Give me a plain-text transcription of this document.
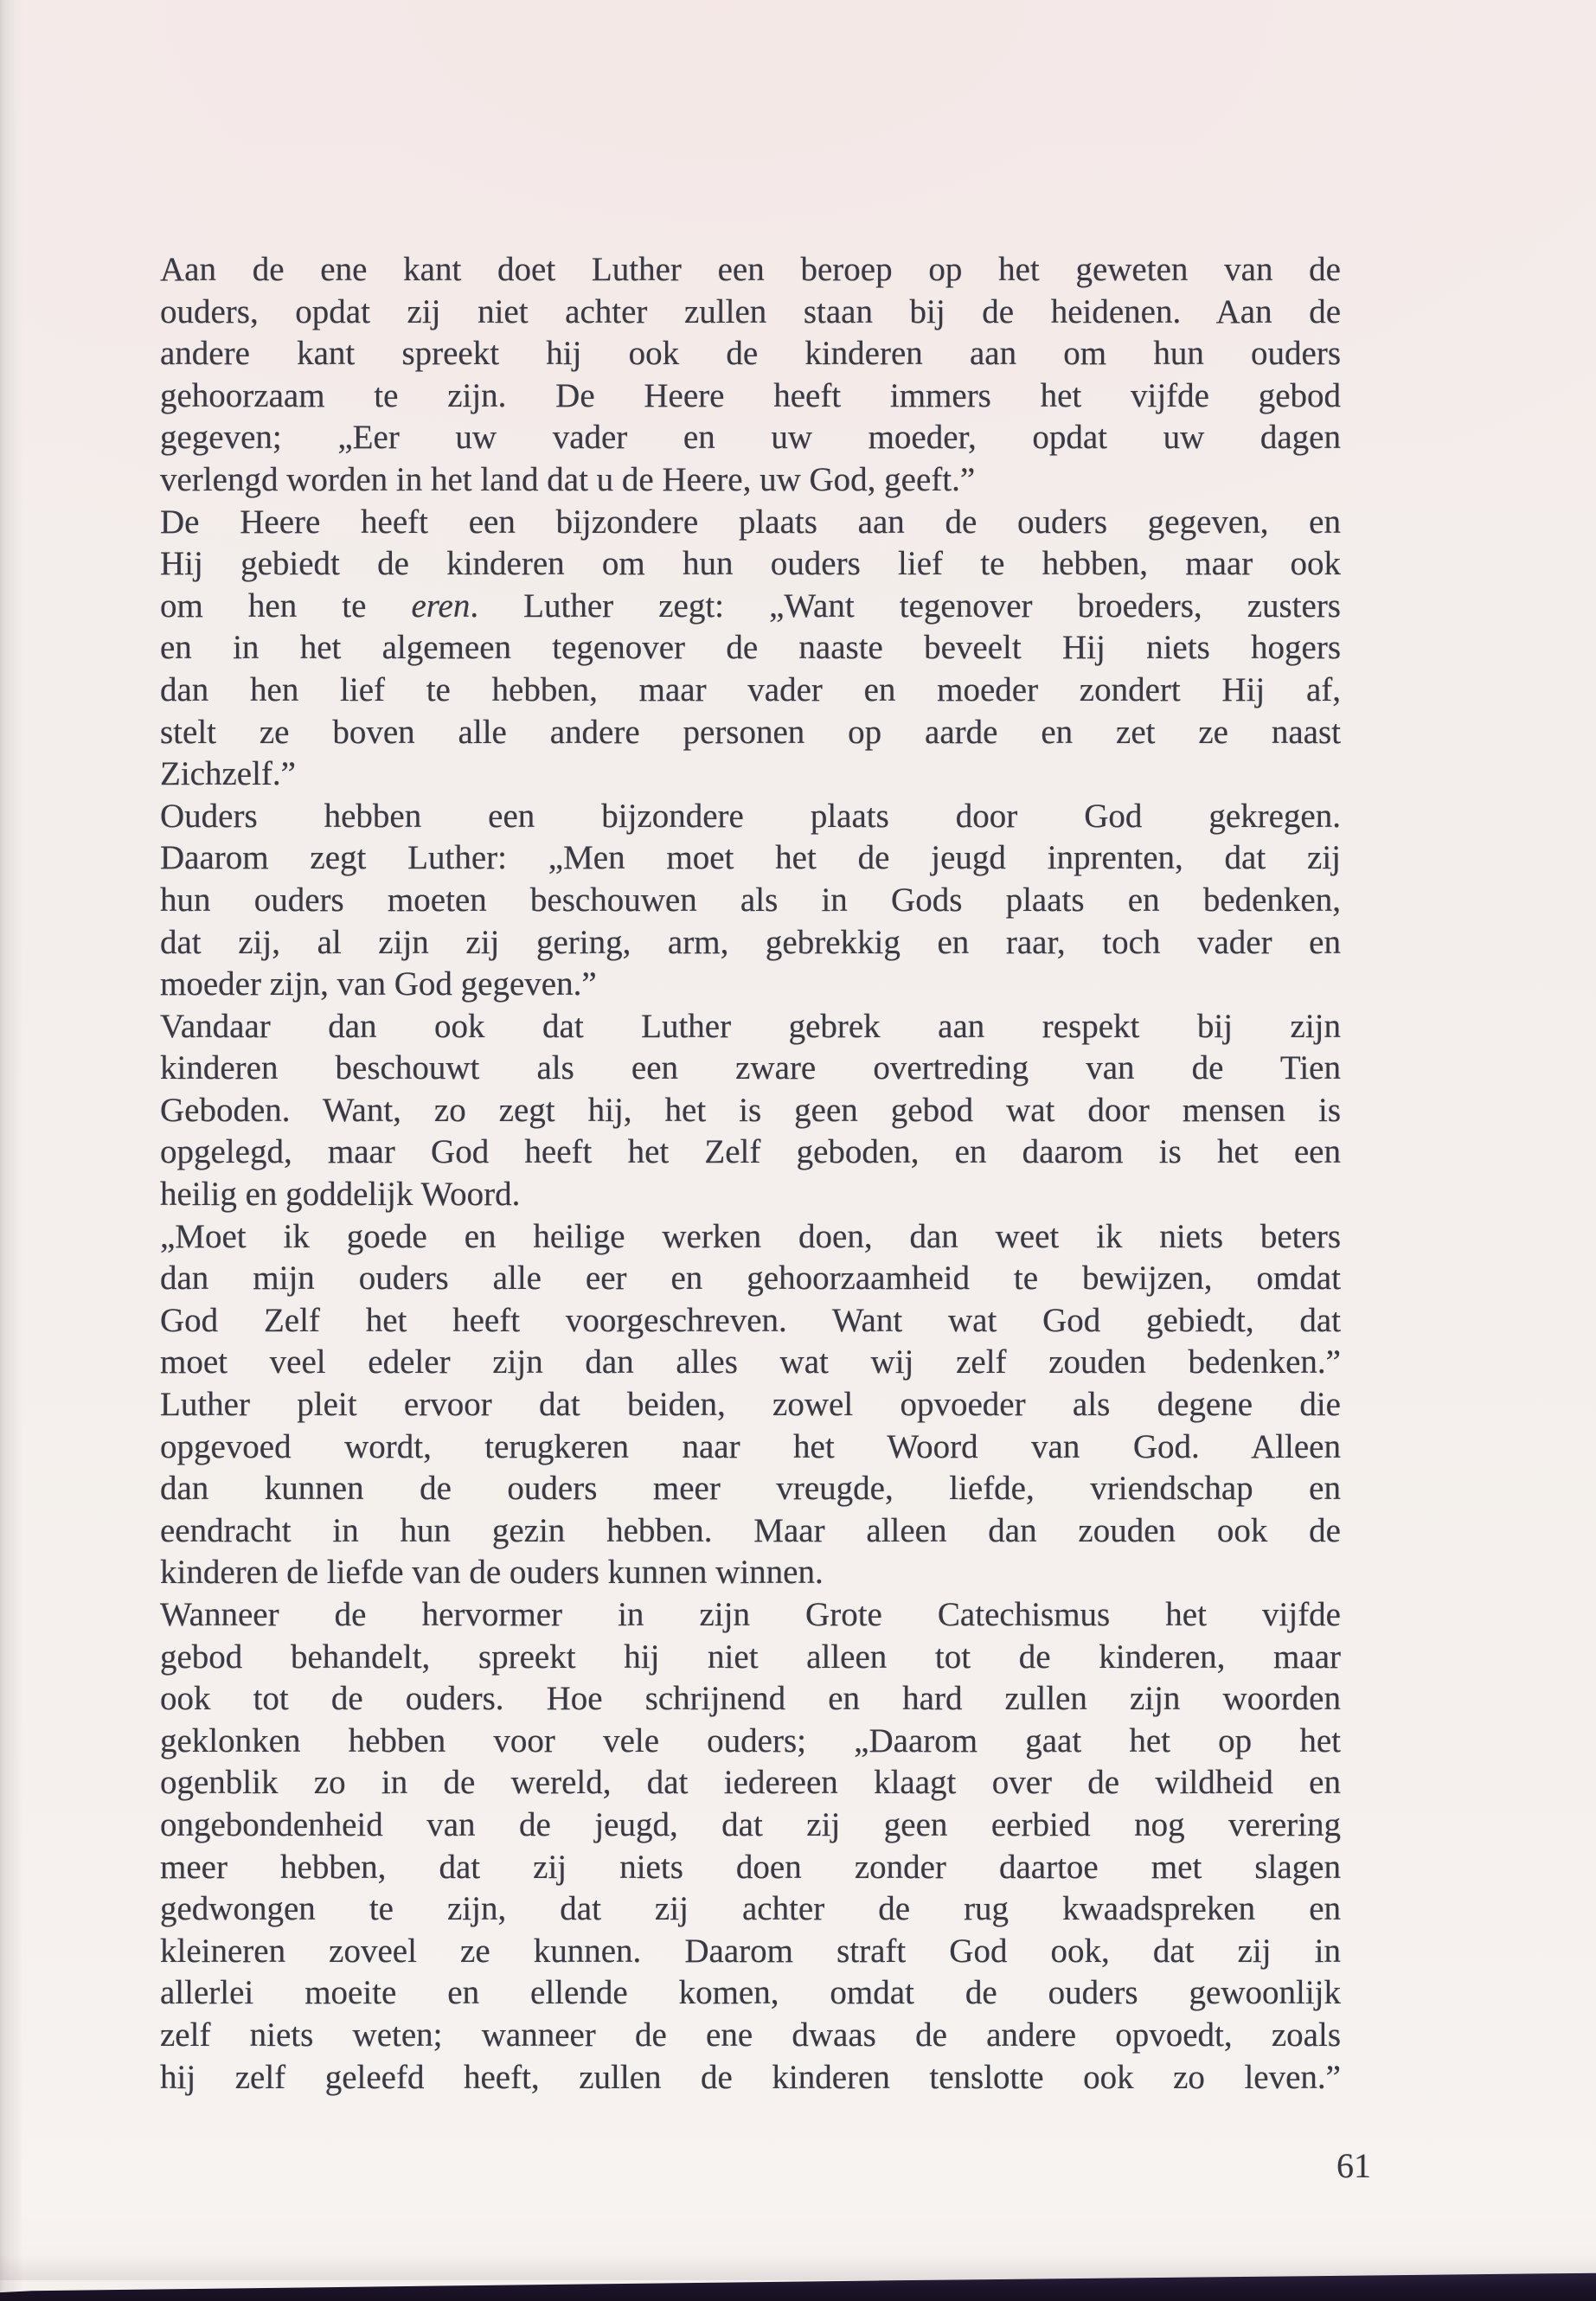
Aan de ene kant doet Luther een beroep op het geweten van de
ouders, opdat zij niet achter zullen staan bij de heidenen. Aan de
andere kant spreekt hij ook de kinderen aan om hun ouders
gehoorzaam te zijn. De Heere heeft immers het vijfde gebod
gegeven; „Eer uw vader en uw moeder, opdat uw dagen
verlengd worden in het land dat u de Heere, uw God, geeft.”
De Heere heeft een bijzondere plaats aan de ouders gegeven, en
Hij gebiedt de kinderen om hun ouders lief te hebben, maar ook
om hen te eren. Luther zegt: „Want tegenover broeders, zusters
en in het algemeen tegenover de naaste beveelt Hij niets hogers
dan hen lief te hebben, maar vader en moeder zondert Hij af,
stelt ze boven alle andere personen op aarde en zet ze naast
Zichzelf.”
Ouders hebben een bijzondere plaats door God gekregen.
Daarom zegt Luther: „Men moet het de jeugd inprenten, dat zij
hun ouders moeten beschouwen als in Gods plaats en bedenken,
dat zij, al zijn zij gering, arm, gebrekkig en raar, toch vader en
moeder zijn, van God gegeven.”
Vandaar dan ook dat Luther gebrek aan respekt bij zijn
kinderen beschouwt als een zware overtreding van de Tien
Geboden. Want, zo zegt hij, het is geen gebod wat door mensen is
opgelegd, maar God heeft het Zelf geboden, en daarom is het een
heilig en goddelijk Woord.
„Moet ik goede en heilige werken doen, dan weet ik niets beters
dan mijn ouders alle eer en gehoorzaamheid te bewijzen, omdat
God Zelf het heeft voorgeschreven. Want wat God gebiedt, dat
moet veel edeler zijn dan alles wat wij zelf zouden bedenken.”
Luther pleit ervoor dat beiden, zowel opvoeder als degene die
opgevoed wordt, terugkeren naar het Woord van God. Alleen
dan kunnen de ouders meer vreugde, liefde, vriendschap en
eendracht in hun gezin hebben. Maar alleen dan zouden ook de
kinderen de liefde van de ouders kunnen winnen.
Wanneer de hervormer in zijn Grote Catechismus het vijfde
gebod behandelt, spreekt hij niet alleen tot de kinderen, maar
ook tot de ouders. Hoe schrijnend en hard zullen zijn woorden
geklonken hebben voor vele ouders; „Daarom gaat het op het
ogenblik zo in de wereld, dat iedereen klaagt over de wildheid en
ongebondenheid van de jeugd, dat zij geen eerbied nog verering
meer hebben, dat zij niets doen zonder daartoe met slagen
gedwongen te zijn, dat zij achter de rug kwaadspreken en
kleineren zoveel ze kunnen. Daarom straft God ook, dat zij in
allerlei moeite en ellende komen, omdat de ouders gewoonlijk
zelf niets weten; wanneer de ene dwaas de andere opvoedt, zoals
hij zelf geleefd heeft, zullen de kinderen tenslotte ook zo leven.”
61
